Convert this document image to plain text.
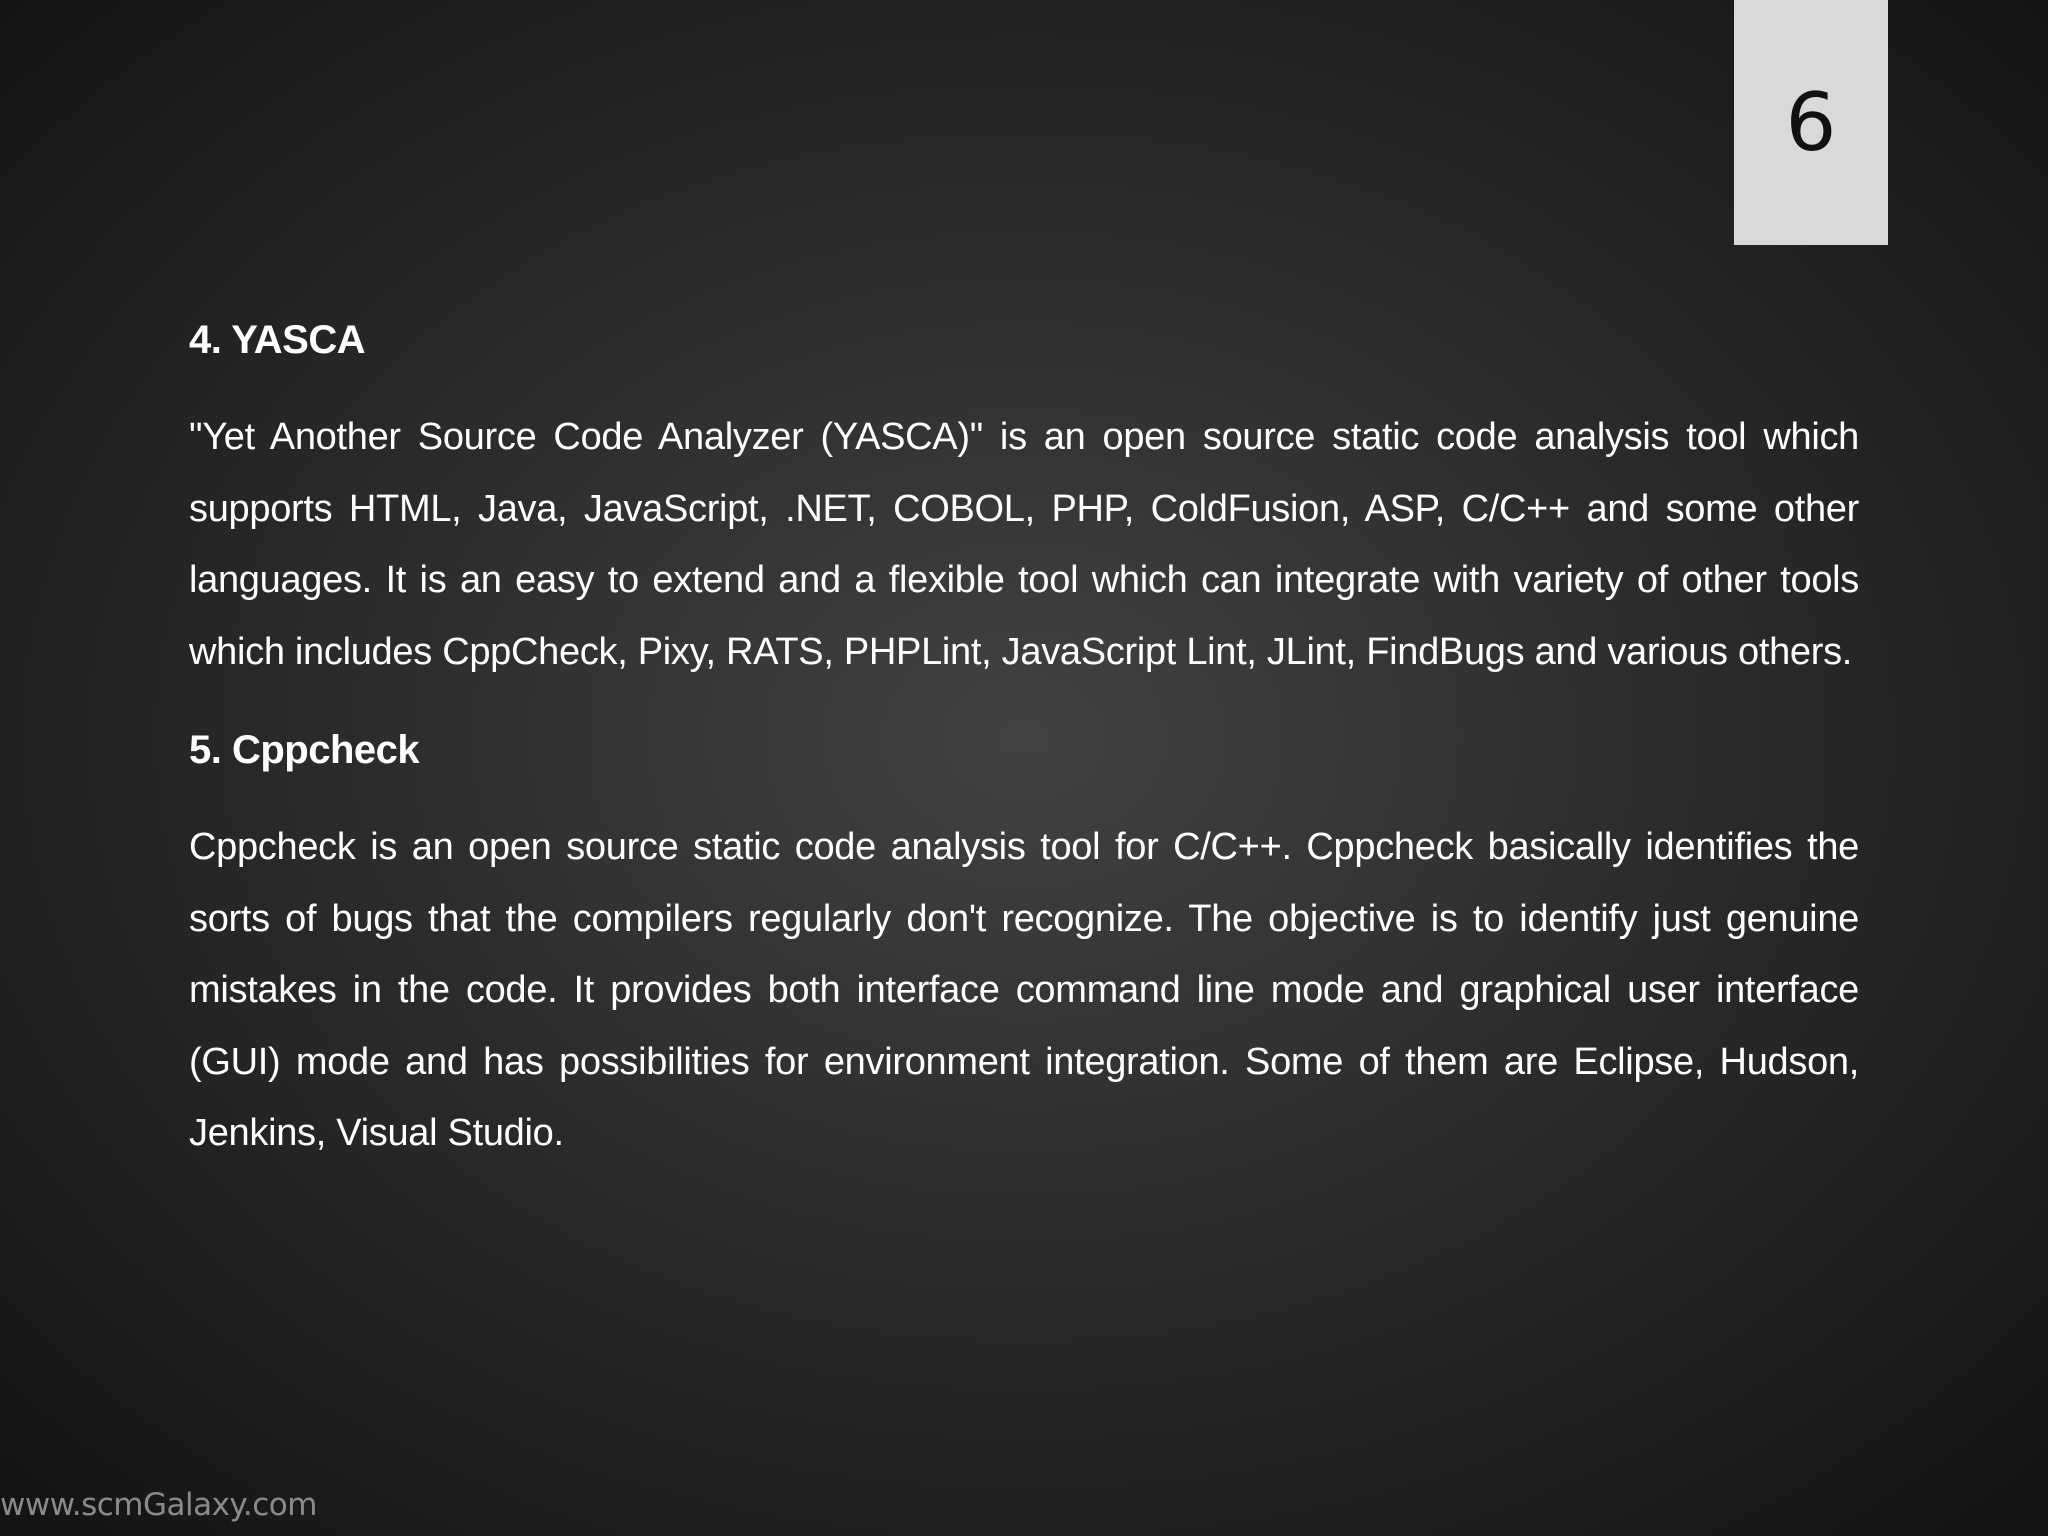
6
4. YASCA

"Yet Another Source Code Analyzer (YASCA)" is an open source static code analysis tool which supports HTML, Java, JavaScript, .NET, COBOL, PHP, ColdFusion, ASP, C/C++ and some other languages. It is an easy to extend and a flexible tool which can integrate with variety of other tools which includes CppCheck, Pixy, RATS, PHPLint, JavaScript Lint, JLint, FindBugs and various others.

5. Cppcheck

Cppcheck is an open source static code analysis tool for C/C++. Cppcheck basically identifies the sorts of bugs that the compilers regularly don't recognize. The objective is to identify just genuine mistakes in the code. It provides both interface command line mode and graphical user interface (GUI) mode and has possibilities for environment integration. Some of them are Eclipse, Hudson, Jenkins, Visual Studio.

www.scmGalaxy.com
